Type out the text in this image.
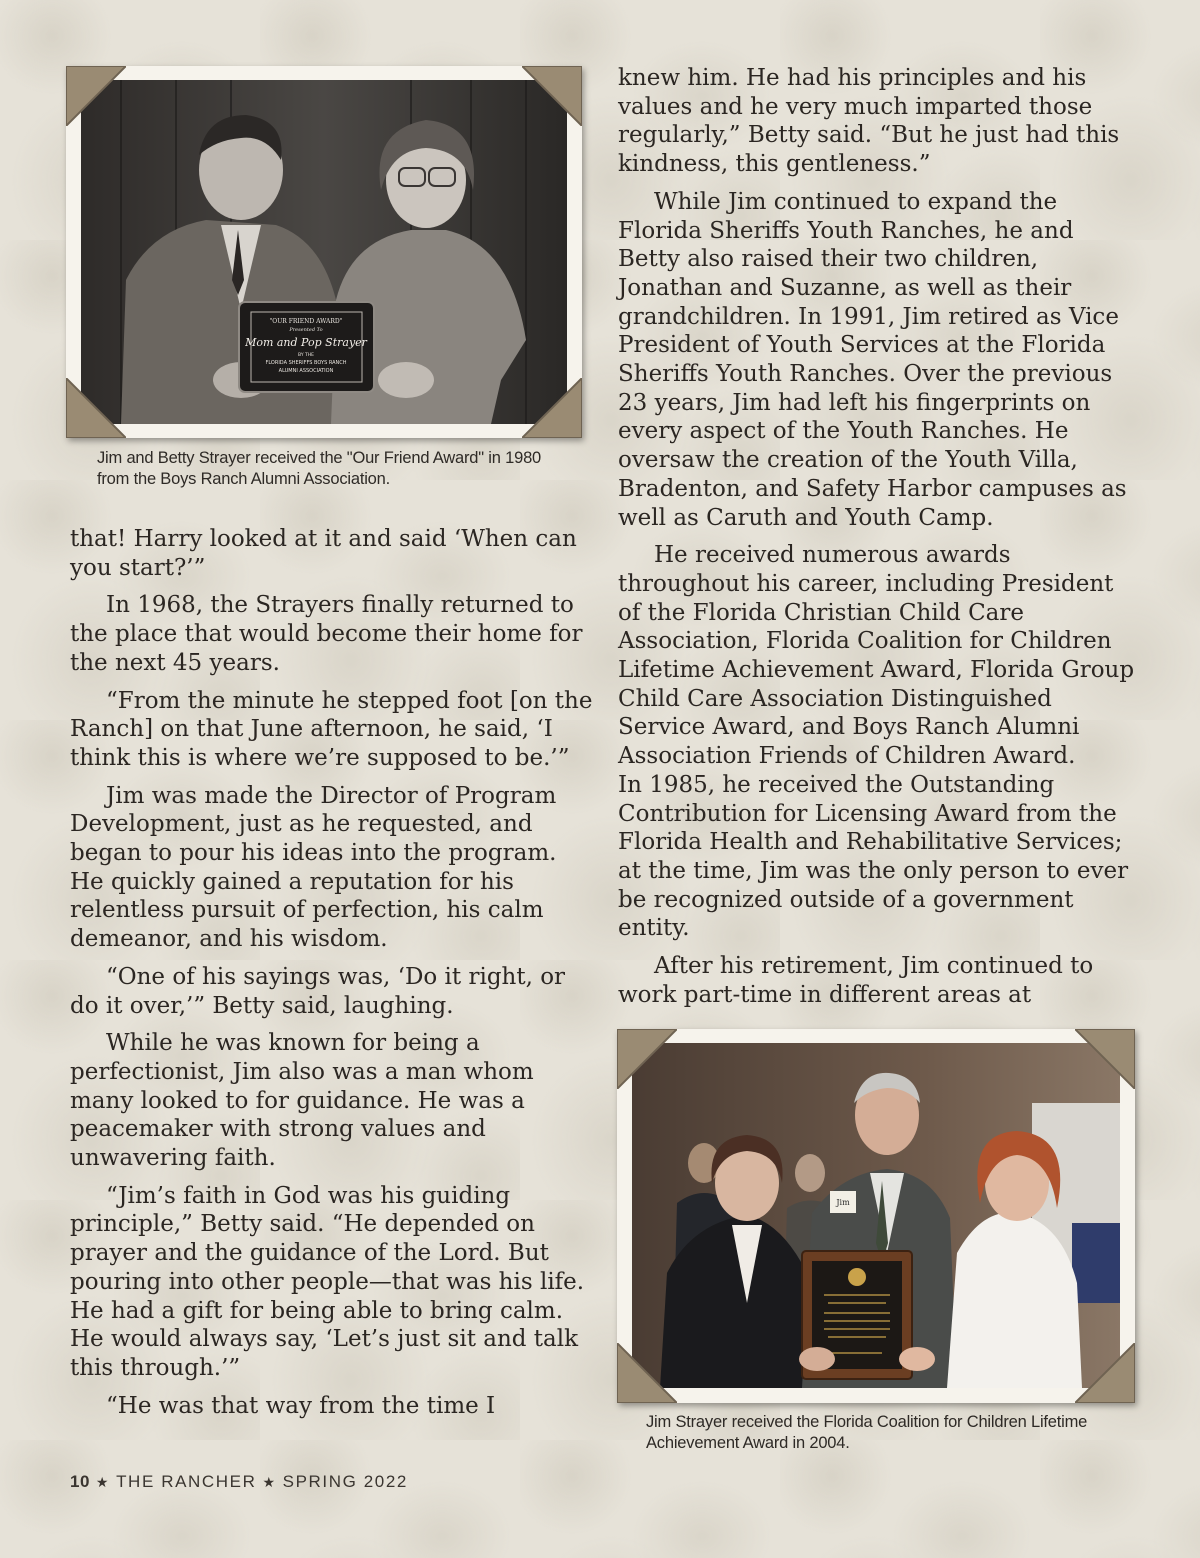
"OUR FRIEND AWARD"
Presented To
Mom and Pop Strayer
BY THE
FLORIDA SHERIFFS BOYS RANCH
ALUMNI ASSOCIATION
Jim and Betty Strayer received the "Our Friend Award" in 1980 from the Boys Ranch Alumni Association.

that! Harry looked at it and said ‘When can you start?’”

In 1968, the Strayers finally returned to the place that would become their home for the next 45 years.

“From the minute he stepped foot [on the Ranch] on that June afternoon, he said, ‘I think this is where we’re supposed to be.’”

Jim was made the Director of Program Development, just as he requested, and began to pour his ideas into the program. He quickly gained a reputation for his relentless pursuit of perfection, his calm demeanor, and his wisdom.

“One of his sayings was, ‘Do it right, or do it over,’” Betty said, laughing.

While he was known for being a perfectionist, Jim also was a man whom many looked to for guidance. He was a peacemaker with strong values and unwavering faith.

“Jim’s faith in God was his guiding principle,” Betty said. “He depended on prayer and the guidance of the Lord. But pouring into other people—that was his life. He had a gift for being able to bring calm. He would always say, ‘Let’s just sit and talk this through.’”

“He was that way from the time I

knew him. He had his principles and his values and he very much imparted those regularly,” Betty said. “But he just had this kindness, this gentleness.”

While Jim continued to expand the Florida Sheriffs Youth Ranches, he and Betty also raised their two children, Jonathan and Suzanne, as well as their grandchildren. In 1991, Jim retired as Vice President of Youth Services at the Florida Sheriffs Youth Ranches. Over the previous 23 years, Jim had left his fingerprints on every aspect of the Youth Ranches. He oversaw the creation of the Youth Villa, Bradenton, and Safety Harbor campuses as well as Caruth and Youth Camp.

He received numerous awards throughout his career, including President of the Florida Christian Child Care Association, Florida Coalition for Children Lifetime Achievement Award, Florida Group Child Care Association Distinguished Service Award, and Boys Ranch Alumni Association Friends of Children Award.

In 1985, he received the Outstanding Contribution for Licensing Award from the Florida Health and Rehabilitative Services; at the time, Jim was the only person to ever be recognized outside of a government entity.

After his retirement, Jim continued to work part-time in different areas at

Jim
Jim Strayer received the Florida Coalition for Children Lifetime Achievement Award in 2004.
10 ★ THE RANCHER ★ SPRING 2022
